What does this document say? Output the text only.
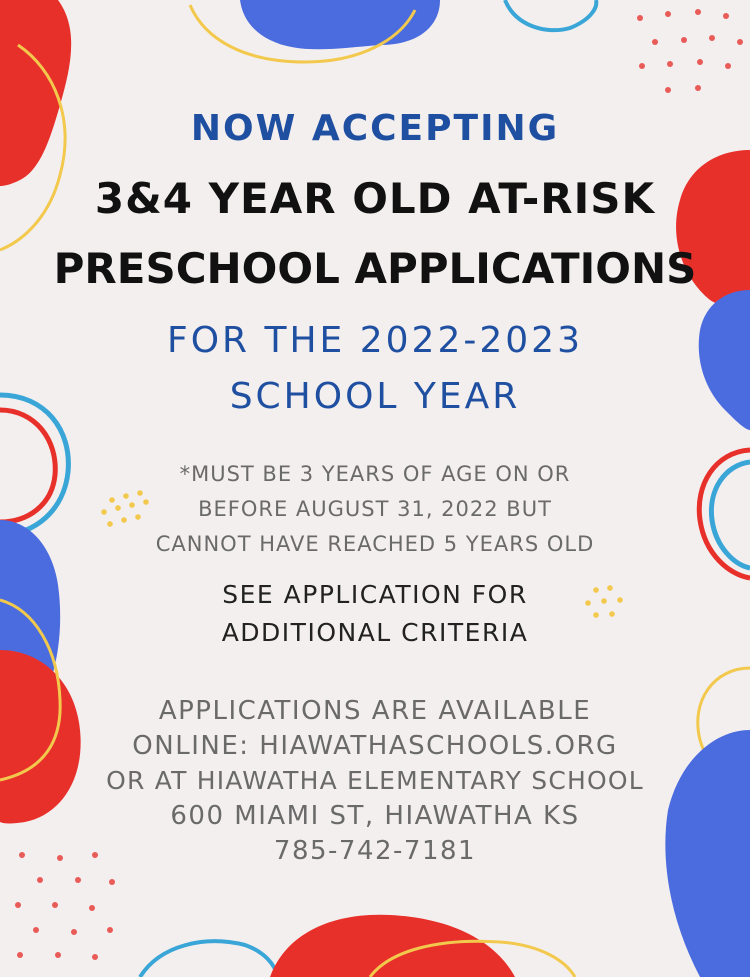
NOW ACCEPTING
3&4 YEAR OLD AT-RISK
PRESCHOOL APPLICATIONS
FOR THE 2022-2023
SCHOOL YEAR
*MUST BE 3 YEARS OF AGE ON OR
BEFORE AUGUST 31, 2022 BUT
CANNOT HAVE REACHED 5 YEARS OLD
SEE APPLICATION FOR
ADDITIONAL CRITERIA
APPLICATIONS ARE AVAILABLE
ONLINE: HIAWATHASCHOOLS.ORG
OR AT HIAWATHA ELEMENTARY SCHOOL
600 MIAMI ST, HIAWATHA KS
785-742-7181
